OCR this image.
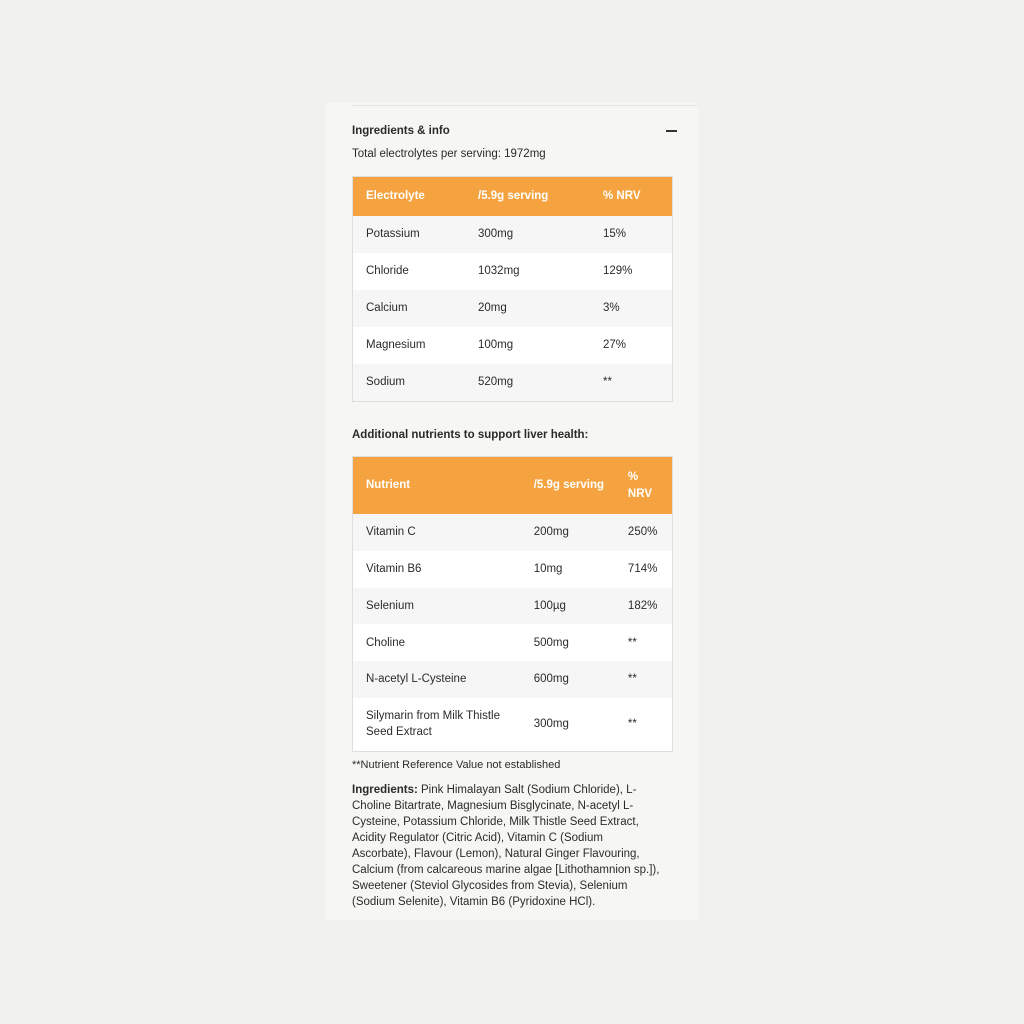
Ingredients & info
Total electrolytes per serving: 1972mg
Electrolyte	/5.9g serving	% NRV
Potassium	300mg	15%
Chloride	1032mg	129%
Calcium	20mg	3%
Magnesium	100mg	27%
Sodium	520mg	**
Additional nutrients to support liver health:
Nutrient	/5.9g serving	% NRV
Vitamin C	200mg	250%
Vitamin B6	10mg	714%
Selenium	100µg	182%
Choline	500mg	**
N-acetyl L-Cysteine	600mg	**
Silymarin from Milk Thistle Seed Extract	300mg	**
**Nutrient Reference Value not established
Ingredients: Pink Himalayan Salt (Sodium Chloride), L-Choline Bitartrate, Magnesium Bisglycinate, N-acetyl L-Cysteine, Potassium Chloride, Milk Thistle Seed Extract, Acidity Regulator (Citric Acid), Vitamin C (Sodium Ascorbate), Flavour (Lemon), Natural Ginger Flavouring, Calcium (from calcareous marine algae [Lithothamnion sp.]), Sweetener (Steviol Glycosides from Stevia), Selenium (Sodium Selenite), Vitamin B6 (Pyridoxine HCl).
